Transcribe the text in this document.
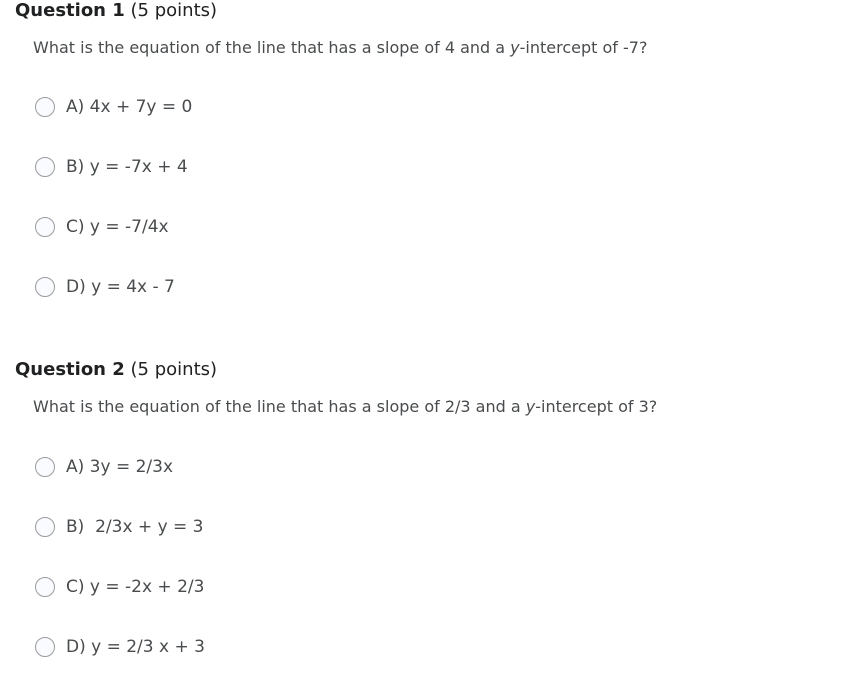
Question 1 (5 points)
What is the equation of the line that has a slope of 4 and a y-intercept of -7?
A) 4x + 7y = 0
B) y = -7x + 4
C) y = -7/4x
D) y = 4x - 7
Question 2 (5 points)
What is the equation of the line that has a slope of 2/3 and a y-intercept of 3?
A) 3y = 2/3x
B)  2/3x + y = 3
C) y = -2x + 2/3
D) y = 2/3 x + 3
